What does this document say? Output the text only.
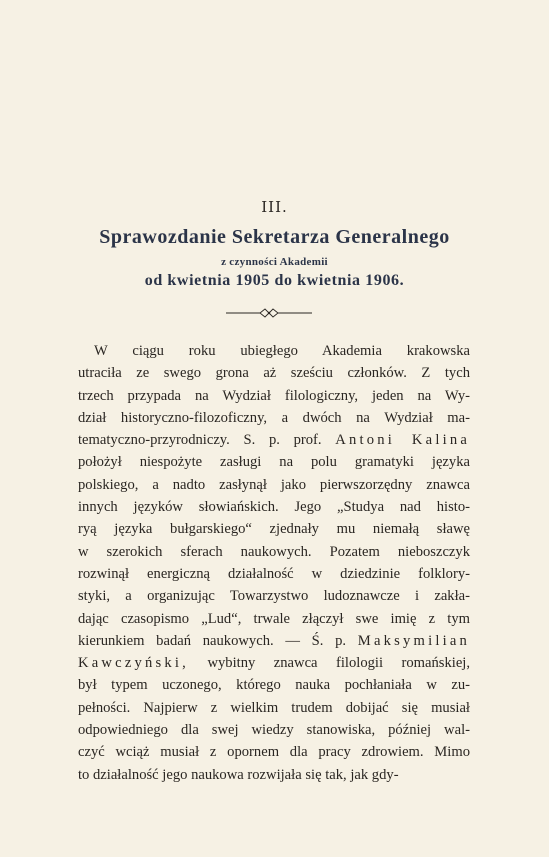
III.
Sprawozdanie Sekretarza Generalnego
z czynności Akademii
od kwietnia 1905 do kwietnia 1906.
W ciągu roku ubiegłego Akademia krakowska
utraciła ze swego grona aż sześciu członków. Z tych
trzech przypada na Wydział filologiczny, jeden na Wy-
dział historyczno-filozoficzny, a dwóch na Wydział ma-
tematyczno-przyrodniczy. S. p. prof. Antoni Kalina
położył niespożyte zasługi na polu gramatyki języka
polskiego, a nadto zasłynął jako pierwszorzędny znawca
innych języków słowiańskich. Jego „Studya nad histo-
ryą języka bułgarskiego“ zjednały mu niemałą sławę
w szerokich sferach naukowych. Pozatem nieboszczyk
rozwinął energiczną działalność w dziedzinie folklory-
styki, a organizując Towarzystwo ludoznawcze i zakła-
dając czasopismo „Lud“, trwale złączył swe imię z tym
kierunkiem badań naukowych. — Ś. p. Maksymilian
Kawczyński, wybitny znawca filologii romańskiej,
był typem uczonego, którego nauka pochłaniała w zu-
pełności. Najpierw z wielkim trudem dobijać się musiał
odpowiedniego dla swej wiedzy stanowiska, później wal-
czyć wciąż musiał z opornem dla pracy zdrowiem. Mimo
to działalność jego naukowa rozwijała się tak, jak gdy-
